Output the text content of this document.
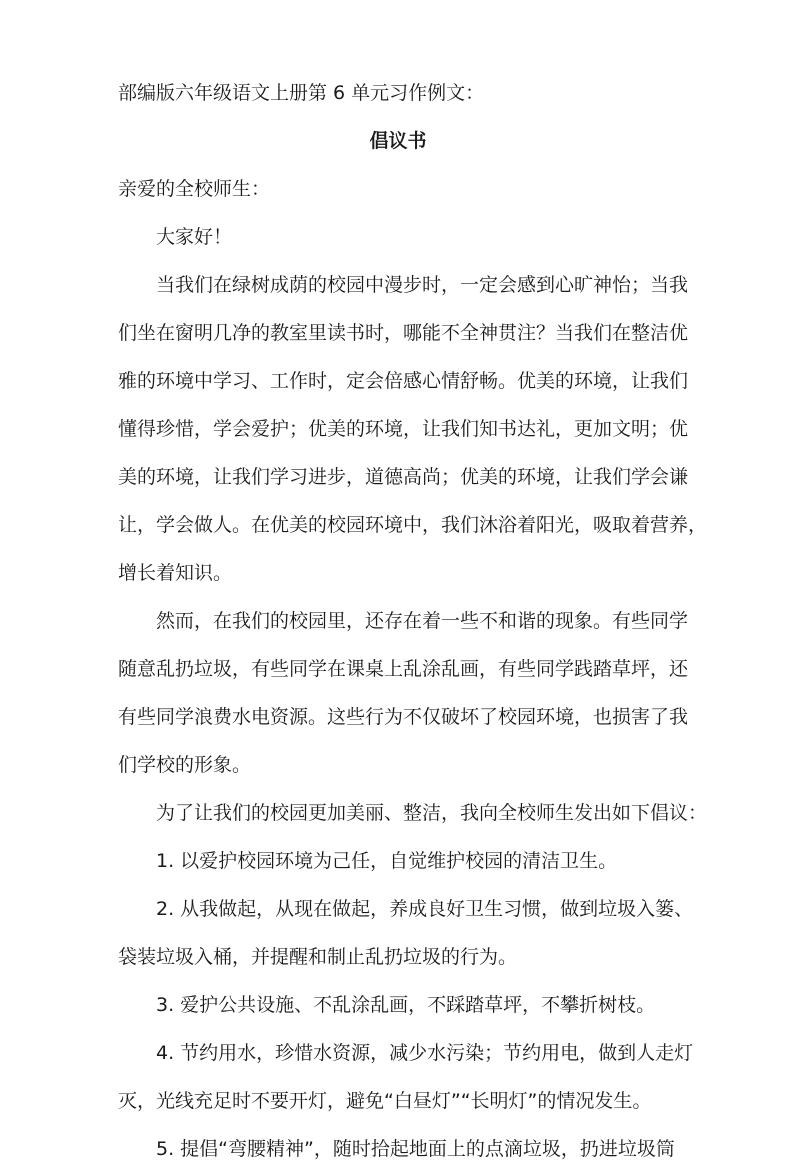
部编版六年级语文上册第 6 单元习作例文：

倡议书

亲爱的全校师生：

大家好！

当我们在绿树成荫的校园中漫步时，一定会感到心旷神怡；当我

们坐在窗明几净的教室里读书时，哪能不全神贯注？当我们在整洁优

雅的环境中学习、工作时，定会倍感心情舒畅。优美的环境，让我们

懂得珍惜，学会爱护；优美的环境，让我们知书达礼，更加文明；优

美的环境，让我们学习进步，道德高尚；优美的环境，让我们学会谦

让，学会做人。在优美的校园环境中，我们沐浴着阳光，吸取着营养，

增长着知识。

然而，在我们的校园里，还存在着一些不和谐的现象。有些同学

随意乱扔垃圾，有些同学在课桌上乱涂乱画，有些同学践踏草坪，还

有些同学浪费水电资源。这些行为不仅破坏了校园环境，也损害了我

们学校的形象。

为了让我们的校园更加美丽、整洁，我向全校师生发出如下倡议：

1. 以爱护校园环境为己任，自觉维护校园的清洁卫生。

2. 从我做起，从现在做起，养成良好卫生习惯，做到垃圾入篓、

袋装垃圾入桶，并提醒和制止乱扔垃圾的行为。

3. 爱护公共设施、不乱涂乱画，不踩踏草坪，不攀折树枝。

4. 节约用水，珍惜水资源，减少水污染；节约用电，做到人走灯

灭，光线充足时不要开灯，避免“白昼灯”“长明灯”的情况发生。

5. 提倡“弯腰精神”，随时拾起地面上的点滴垃圾，扔进垃圾筒
